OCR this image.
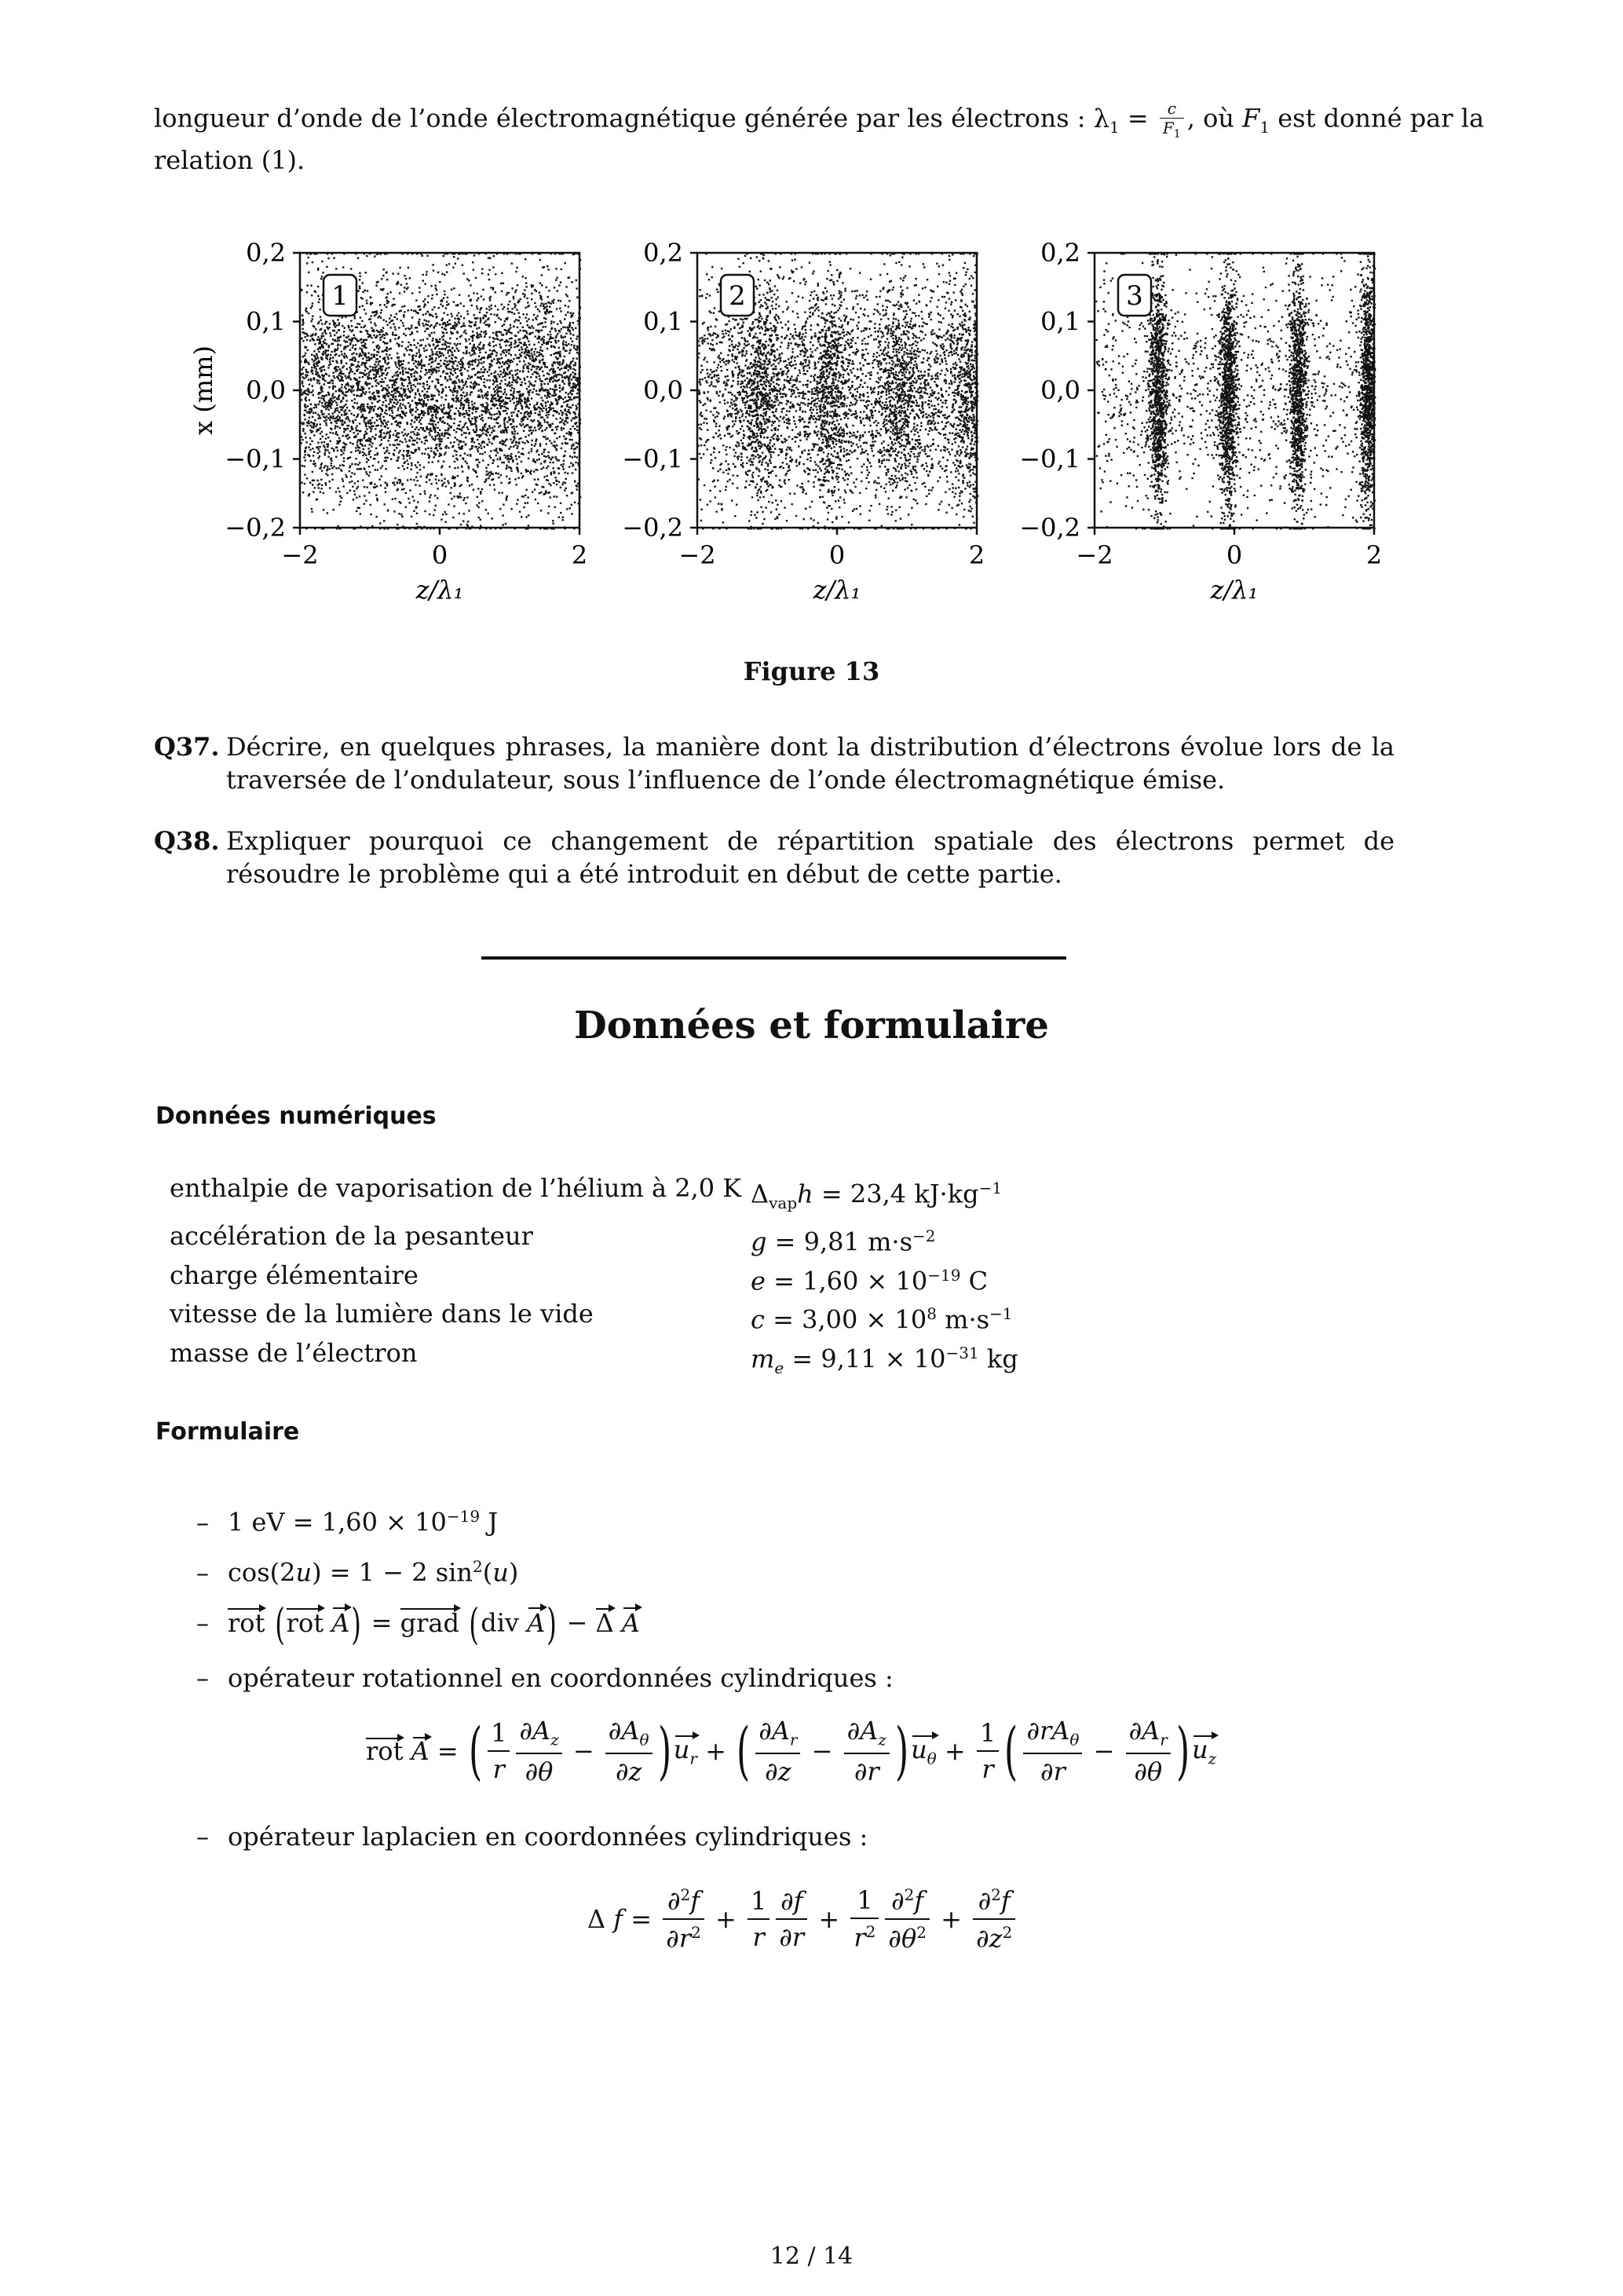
longueur d’onde de l’onde électromagnétique générée par les électrons : $\lambda_1 = \frac{c}{F_1}$ , où $F_1$ est donné par la
relation (1).
−0,2
−0,1
0,0
0,1
0,2
−2	0	2
z/λ₁
1
−0,2
−0,1
0,0
0,1
0,2
−2	0	2
z/λ₁
2
−0,2
−0,1
0,0
0,1
0,2
−2	0	2
z/λ₁
3
x (mm)
Figure 13
Q37. Décrire, en quelques phrases, la manière dont la distribution d’électrons évolue lors de la traversée de l’ondulateur, sous l’influence de l’onde électromagnétique émise.
Q38. Expliquer pourquoi ce changement de répartition spatiale des électrons permet de résoudre le problème qui a été introduit en début de cette partie.
Données et formulaire
Données numériques
enthalpie de vaporisation de l’hélium à 2,0 K	$\Delta_{vap}h = 23,4$ $kJ\cdot kg^{-1}$
accélération de la pesanteur	g = 9,81 $m\cdot s^{-2}$
charge élémentaire	$e = 1,60 \times 10^{-19}$ C
vitesse de la lumière dans le vide	$c = 3,00 \times 10^8$ $m\cdot s^{-1}$
masse de l’électron	$m_e = 9,11 \times 10^{-31}$ kg
Formulaire
– 1 eV = $1,60 \times 10^{-19}$ J
– cos(2u) = 1 − 2 $\sin^2(u)$
– rot (rot A) = grad (div A) − Δ A
– opérateur rotationnel en coordonnées cylindriques :
rot
A = ( $\frac{1}{r} \frac{\partial A_z}{\partial\theta} - \frac{\partial A_\theta}{\partial z}$ ) $u_r$ + ( $\frac{\partial A_r}{\partial z} - \frac{\partial A_z}{\partial r}$ ) $u_\theta + \frac{1}{r}$ ( $\frac{\partial rA_\theta}{\partial r} - \frac{\partial A_r}{\partial\theta}$ ) $u_z$
– opérateur laplacien en coordonnées cylindriques :
Δ $f = \frac{\partial^2f}{\partial r^2} + \frac{1}{r} \frac{\partial f}{\partial r} + \frac{1}{r^2} \frac{\partial^2f}{\partial\theta^2} + \frac{\partial^2f}{\partial z^2}$
12 / 14
